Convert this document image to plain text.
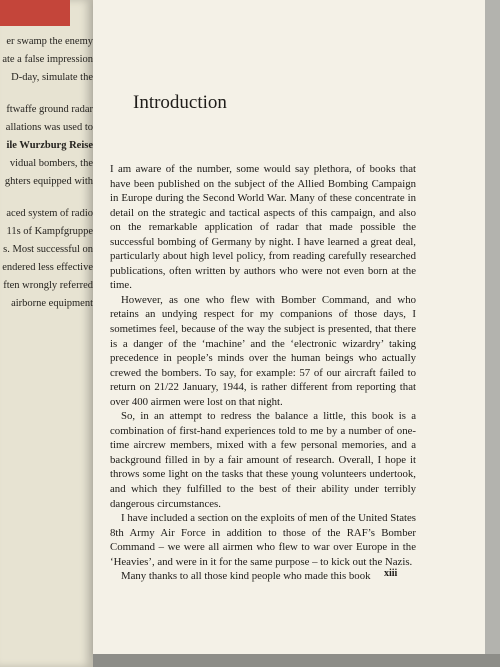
er swamp the enemy
ate a false impression
D-day, simulate the
ftwaffe ground radar
allations was used to
ile Wurzburg Reise
vidual bombers, the
ghters equipped with
aced system of radio
11s of Kampfgruppe
s. Most successful on
endered less effective
ften wrongly referred
airborne equipment
Introduction

I am aware of the number, some would say plethora, of books that have been published on the subject of the Allied Bombing Campaign in Europe during the Second World War. Many of these concentrate in detail on the strategic and tactical aspects of this campaign, and also on the remarkable application of radar that made possible the successful bombing of Germany by night. I have learned a great deal, particularly about high level policy, from reading carefully researched publications, often written by authors who were not even born at the time.

However, as one who flew with Bomber Command, and who retains an undying respect for my companions of those days, I sometimes feel, because of the way the subject is presented, that there is a danger of the ‘machine’ and the ‘electronic wizardry’ taking precedence in people’s minds over the human beings who actually crewed the bombers. To say, for example: 57 of our aircraft failed to return on 21/22 January, 1944, is rather different from reporting that over 400 airmen were lost on that night.

So, in an attempt to redress the balance a little, this book is a combination of first-hand experiences told to me by a number of one-time aircrew members, mixed with a few personal memories, and a background filled in by a fair amount of research. Overall, I hope it throws some light on the tasks that these young volunteers undertook, and which they fulfilled to the best of their ability under terribly dangerous circumstances.

I have included a section on the exploits of men of the United States 8th Army Air Force in addition to those of the RAF’s Bomber Command – we were all airmen who flew to war over Europe in the ‘Heavies’, and were in it for the same purpose – to kick out the Nazis.

Many thanks to all those kind people who made this book	xiii
